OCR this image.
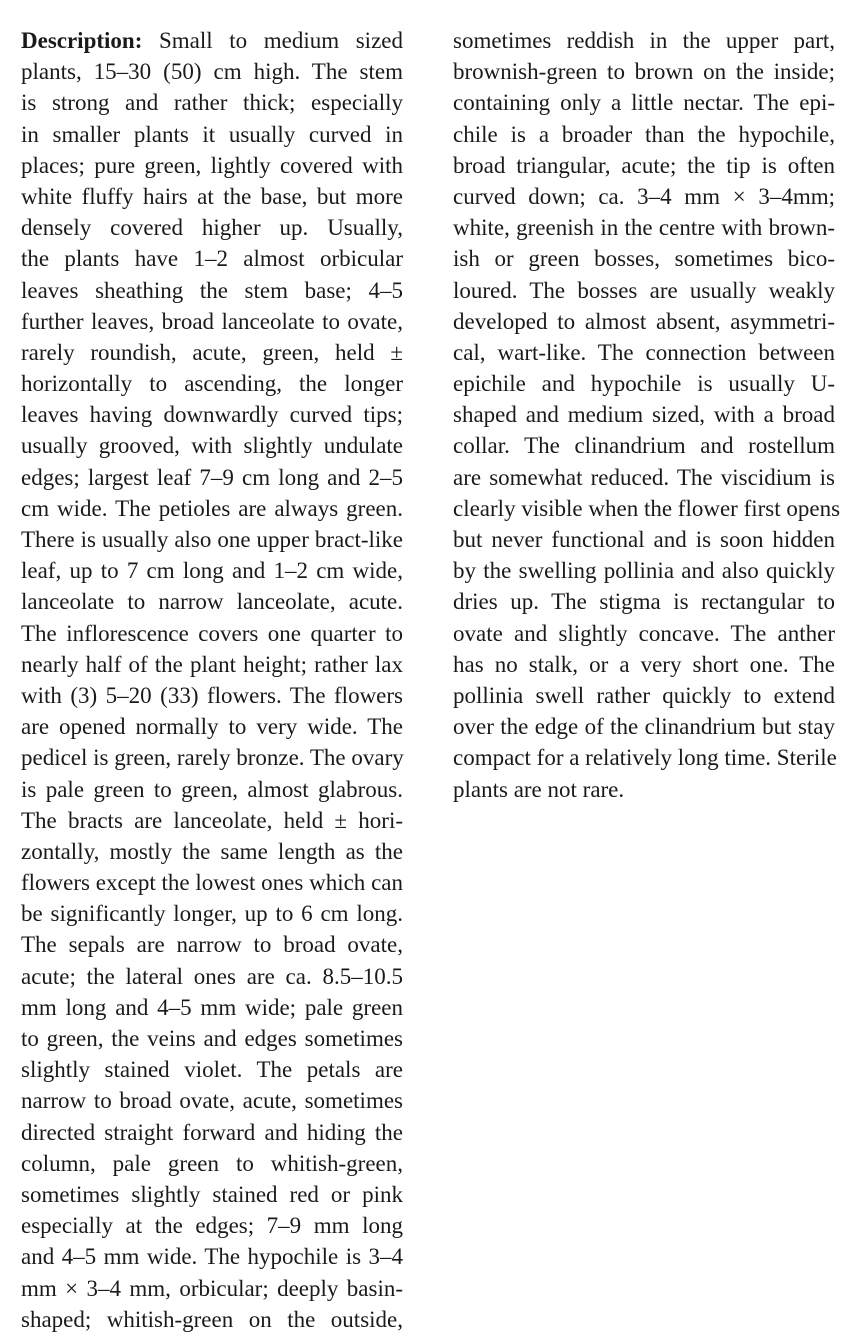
Description: Small to medium sized
plants, 15–30 (50) cm high. The stem
is strong and rather thick; especially
in smaller plants it usually curved in
places; pure green, lightly covered with
white fluffy hairs at the base, but more
densely covered higher up. Usually,
the plants have 1–2 almost orbicular
leaves sheathing the stem base; 4–5
further leaves, broad lanceolate to ovate,
rarely roundish, acute, green, held ±
horizontally to ascending, the longer
leaves having downwardly curved tips;
usually grooved, with slightly undulate
edges; largest leaf 7–9 cm long and 2–5
cm wide. The petioles are always green.
There is usually also one upper bract-like
leaf, up to 7 cm long and 1–2 cm wide,
lanceolate to narrow lanceolate, acute.
The inflorescence covers one quarter to
nearly half of the plant height; rather lax
with (3) 5–20 (33) flowers. The flowers
are opened normally to very wide. The
pedicel is green, rarely bronze. The ovary
is pale green to green, almost glabrous.
The bracts are lanceolate, held ± hori-
zontally, mostly the same length as the
flowers except the lowest ones which can
be significantly longer, up to 6 cm long.
The sepals are narrow to broad ovate,
acute; the lateral ones are ca. 8.5–10.5
mm long and 4–5 mm wide; pale green
to green, the veins and edges sometimes
slightly stained violet. The petals are
narrow to broad ovate, acute, sometimes
directed straight forward and hiding the
column, pale green to whitish-green,
sometimes slightly stained red or pink
especially at the edges; 7–9 mm long
and 4–5 mm wide. The hypochile is 3–4
mm × 3–4 mm, orbicular; deeply basin-
shaped; whitish-green on the outside,
sometimes reddish in the upper part,
brownish-green to brown on the inside;
containing only a little nectar. The epi-
chile is a broader than the hypochile,
broad triangular, acute; the tip is often
curved down; ca. 3–4 mm × 3–4mm;
white, greenish in the centre with brown-
ish or green bosses, sometimes bico-
loured. The bosses are usually weakly
developed to almost absent, asymmetri-
cal, wart-like. The connection between
epichile and hypochile is usually U-
shaped and medium sized, with a broad
collar. The clinandrium and rostellum
are somewhat reduced. The viscidium is
clearly visible when the flower first opens
but never functional and is soon hidden
by the swelling pollinia and also quickly
dries up. The stigma is rectangular to
ovate and slightly concave. The anther
has no stalk, or a very short one. The
pollinia swell rather quickly to extend
over the edge of the clinandrium but stay
compact for a relatively long time. Sterile
plants are not rare.
